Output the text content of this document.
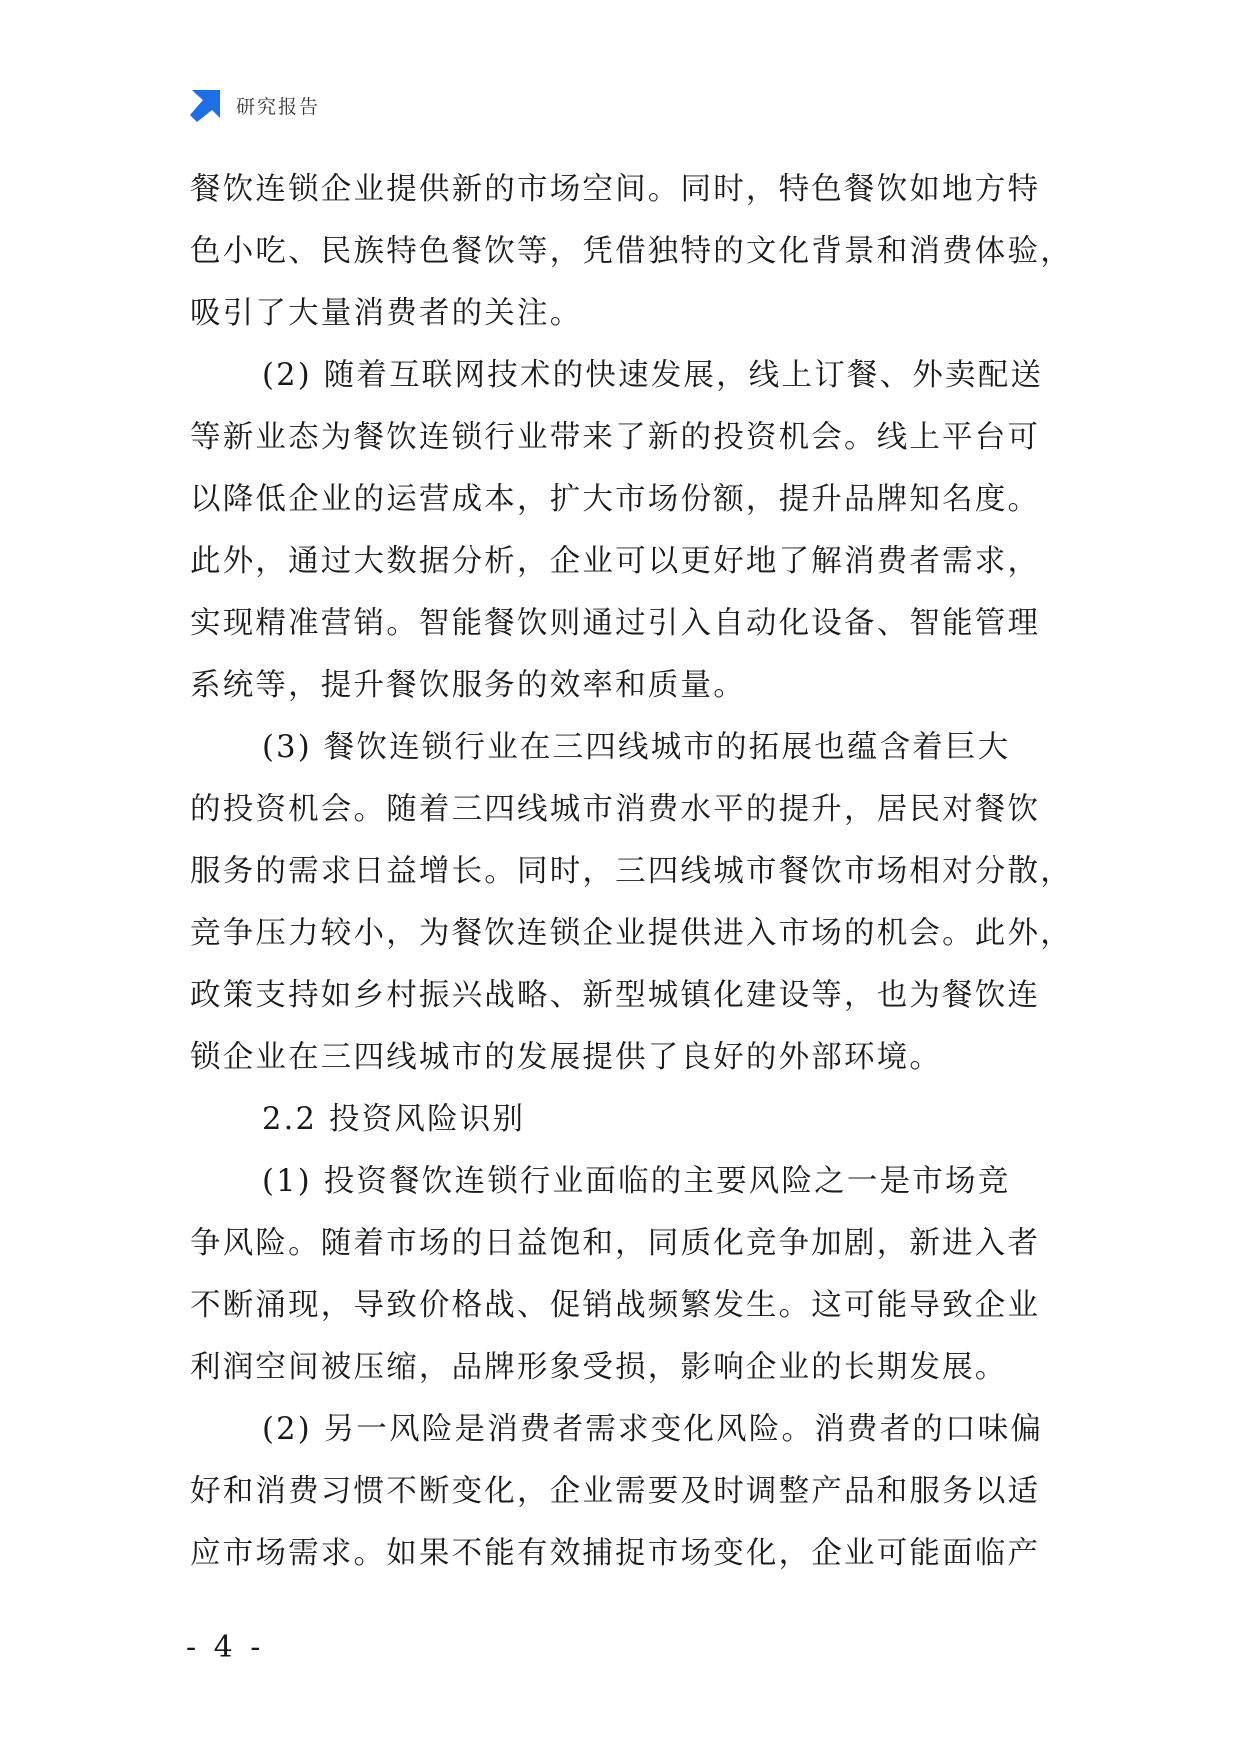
研究报告
餐饮连锁企业提供新的市场空间。同时，特色餐饮如地方特
色小吃、民族特色餐饮等，凭借独特的文化背景和消费体验，
吸引了大量消费者的关注。
(2) 随着互联网技术的快速发展，线上订餐、外卖配送
等新业态为餐饮连锁行业带来了新的投资机会。线上平台可
以降低企业的运营成本，扩大市场份额，提升品牌知名度。
此外，通过大数据分析，企业可以更好地了解消费者需求，
实现精准营销。智能餐饮则通过引入自动化设备、智能管理
系统等，提升餐饮服务的效率和质量。
(3) 餐饮连锁行业在三四线城市的拓展也蕴含着巨大
的投资机会。随着三四线城市消费水平的提升，居民对餐饮
服务的需求日益增长。同时，三四线城市餐饮市场相对分散，
竞争压力较小，为餐饮连锁企业提供进入市场的机会。此外，
政策支持如乡村振兴战略、新型城镇化建设等，也为餐饮连
锁企业在三四线城市的发展提供了良好的外部环境。
2.2 投资风险识别
(1) 投资餐饮连锁行业面临的主要风险之一是市场竞
争风险。随着市场的日益饱和，同质化竞争加剧，新进入者
不断涌现，导致价格战、促销战频繁发生。这可能导致企业
利润空间被压缩，品牌形象受损，影响企业的长期发展。
(2) 另一风险是消费者需求变化风险。消费者的口味偏
好和消费习惯不断变化，企业需要及时调整产品和服务以适
应市场需求。如果不能有效捕捉市场变化，企业可能面临产
- 4 -
